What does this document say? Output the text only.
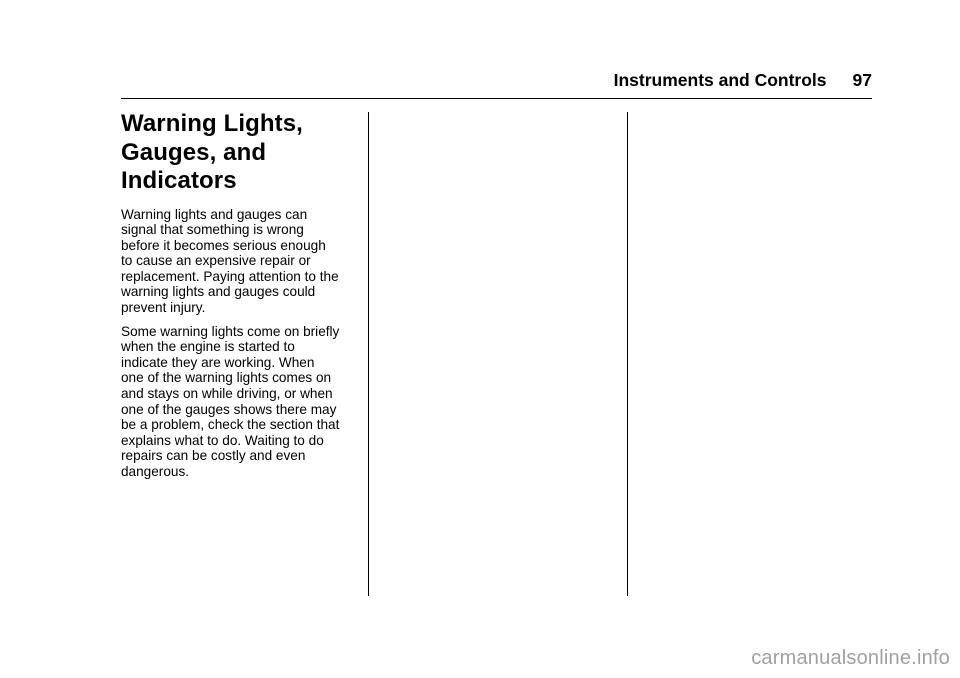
Instruments and Controls 97
Warning Lights,
Gauges, and
Indicators

Warning lights and gauges can
signal that something is wrong
before it becomes serious enough
to cause an expensive repair or
replacement. Paying attention to the
warning lights and gauges could
prevent injury.

Some warning lights come on briefly
when the engine is started to
indicate they are working. When
one of the warning lights comes on
and stays on while driving, or when
one of the gauges shows there may
be a problem, check the section that
explains what to do. Waiting to do
repairs can be costly and even
dangerous.

carmanualsonline.info
